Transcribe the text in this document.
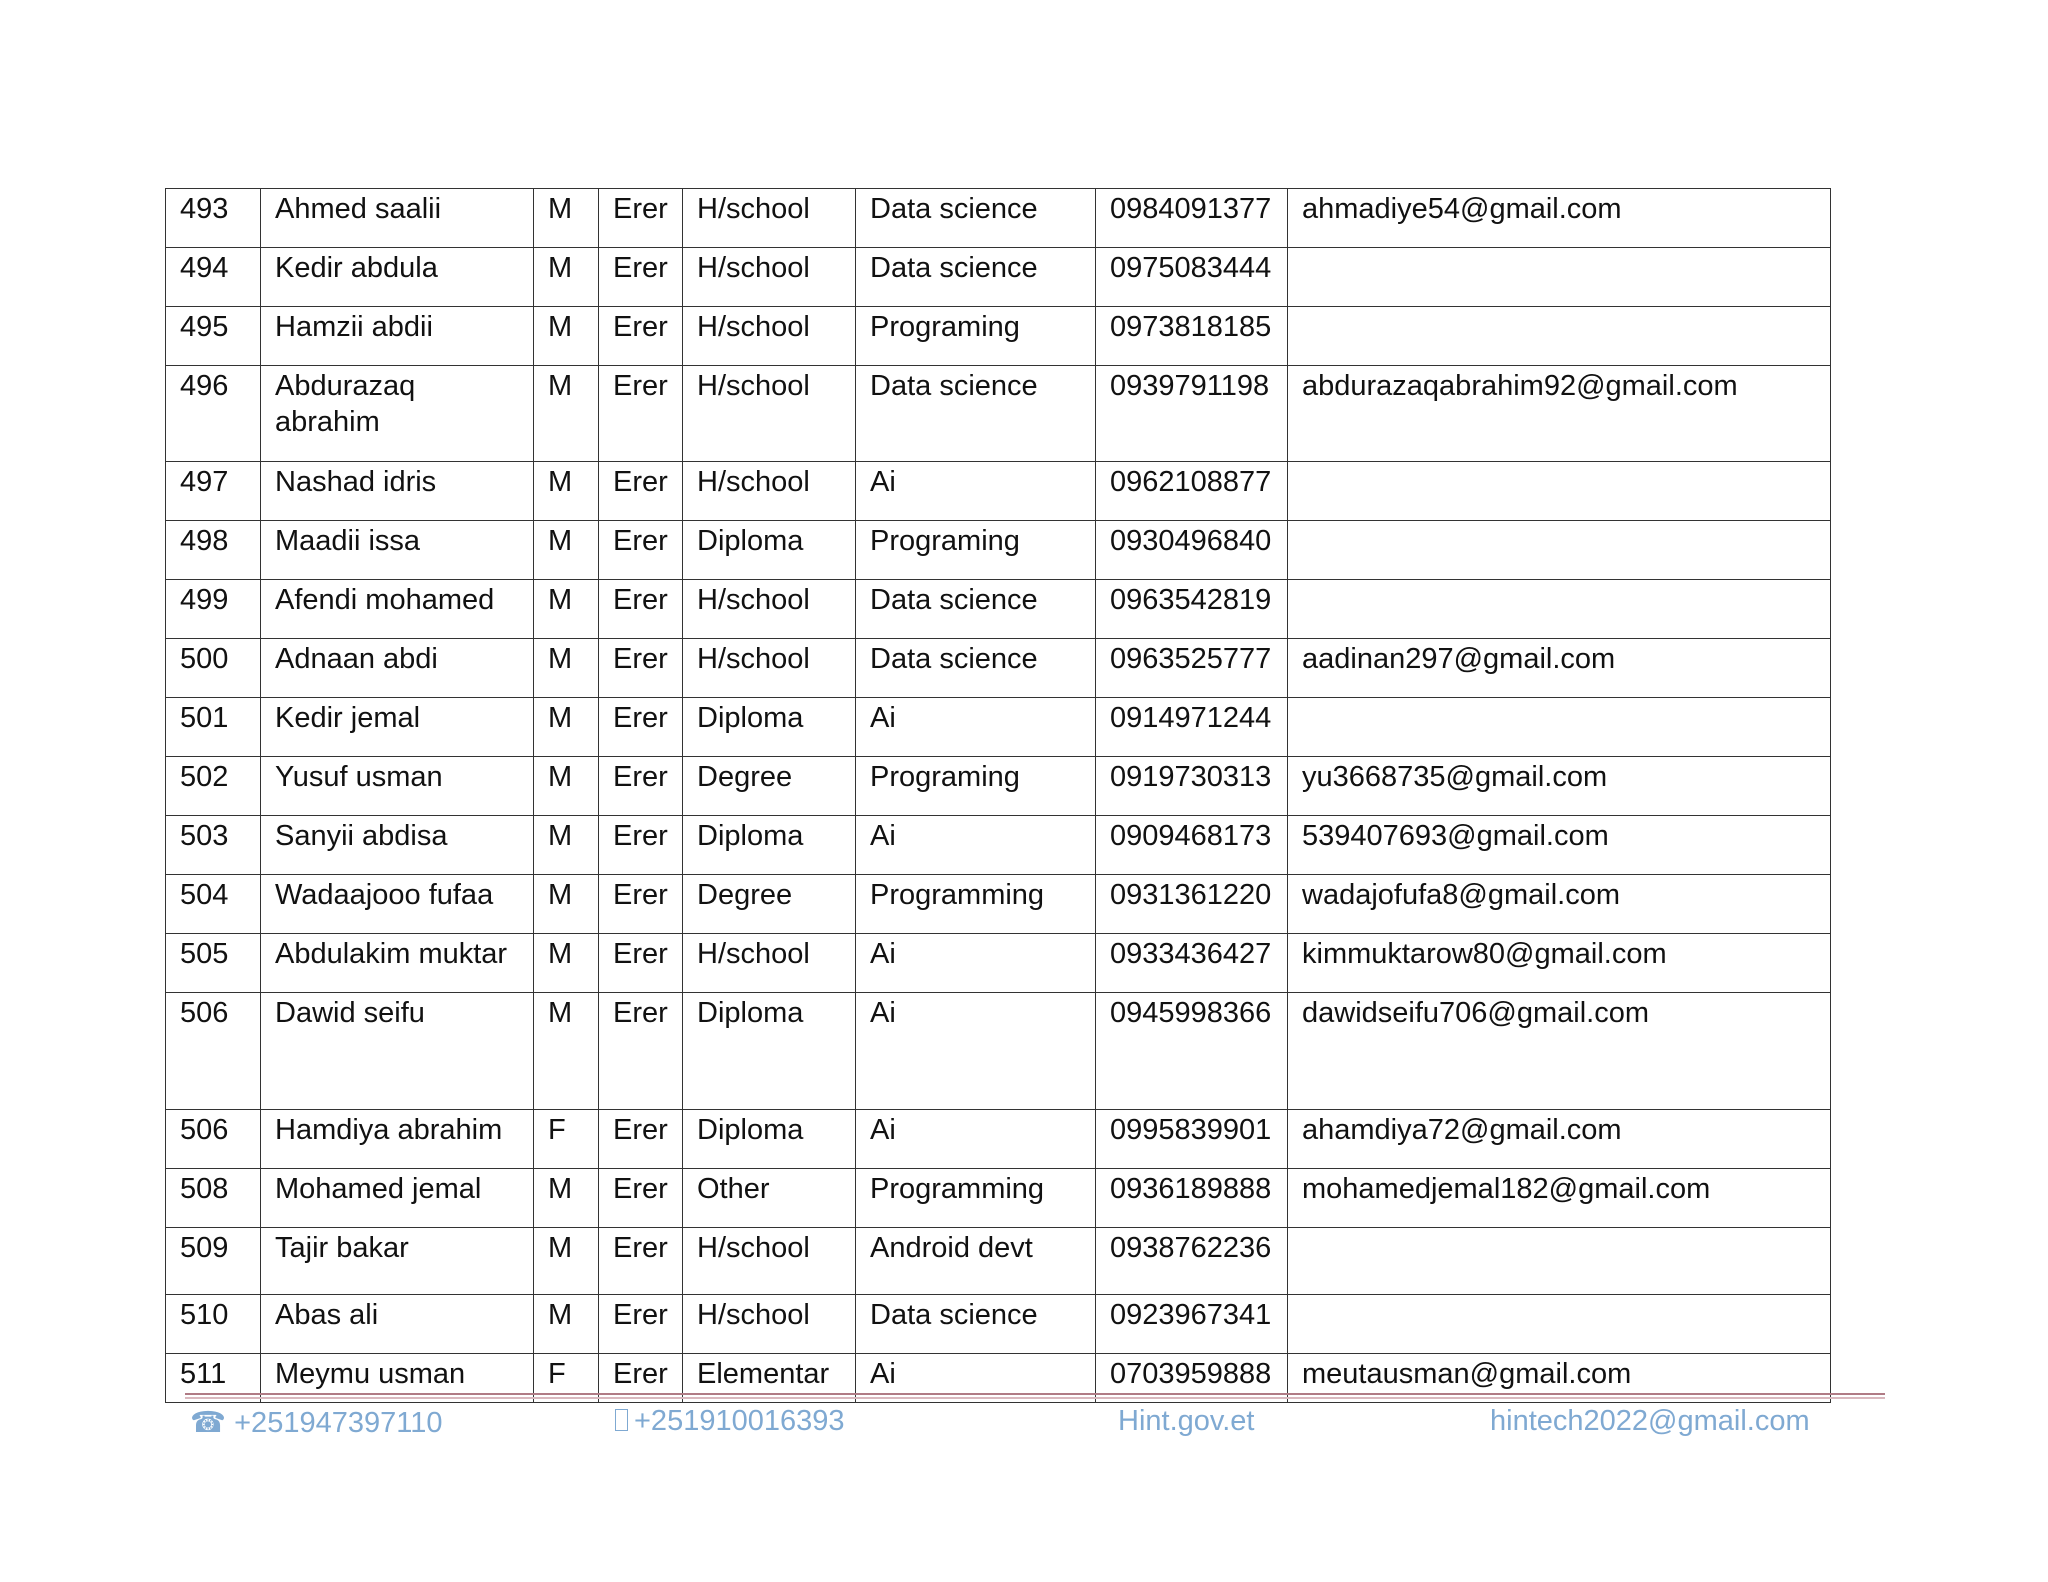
493	Ahmed saalii	M	Erer	H/school	Data science	0984091377	ahmadiye54@gmail.com
494	Kedir abdula	M	Erer	H/school	Data science	0975083444	
495	Hamzii abdii	M	Erer	H/school	Programing	0973818185	
496	Abdurazaq abrahim	M	Erer	H/school	Data science	0939791198	abdurazaqabrahim92@gmail.com
497	Nashad idris	M	Erer	H/school	Ai	0962108877	
498	Maadii issa	M	Erer	Diploma	Programing	0930496840	
499	Afendi mohamed	M	Erer	H/school	Data science	0963542819	
500	Adnaan abdi	M	Erer	H/school	Data science	0963525777	aadinan297@gmail.com
501	Kedir jemal	M	Erer	Diploma	Ai	0914971244	
502	Yusuf usman	M	Erer	Degree	Programing	0919730313	yu3668735@gmail.com
503	Sanyii abdisa	M	Erer	Diploma	Ai	0909468173	539407693@gmail.com
504	Wadaajooo fufaa	M	Erer	Degree	Programming	0931361220	wadajofufa8@gmail.com
505	Abdulakim muktar	M	Erer	H/school	Ai	0933436427	kimmuktarow80@gmail.com
506	Dawid seifu	M	Erer	Diploma	Ai	0945998366	dawidseifu706@gmail.com
506	Hamdiya abrahim	F	Erer	Diploma	Ai	0995839901	ahamdiya72@gmail.com
508	Mohamed jemal	M	Erer	Other	Programming	0936189888	mohamedjemal182@gmail.com
509	Tajir bakar	M	Erer	H/school	Android devt	0938762236	
510	Abas ali	M	Erer	H/school	Data science	0923967341	
511	Meymu usman	F	Erer	Elementar	Ai	0703959888	meutausman@gmail.com
☎ +251947397110	+251910016393	Hint.gov.et	hintech2022@gmail.com
